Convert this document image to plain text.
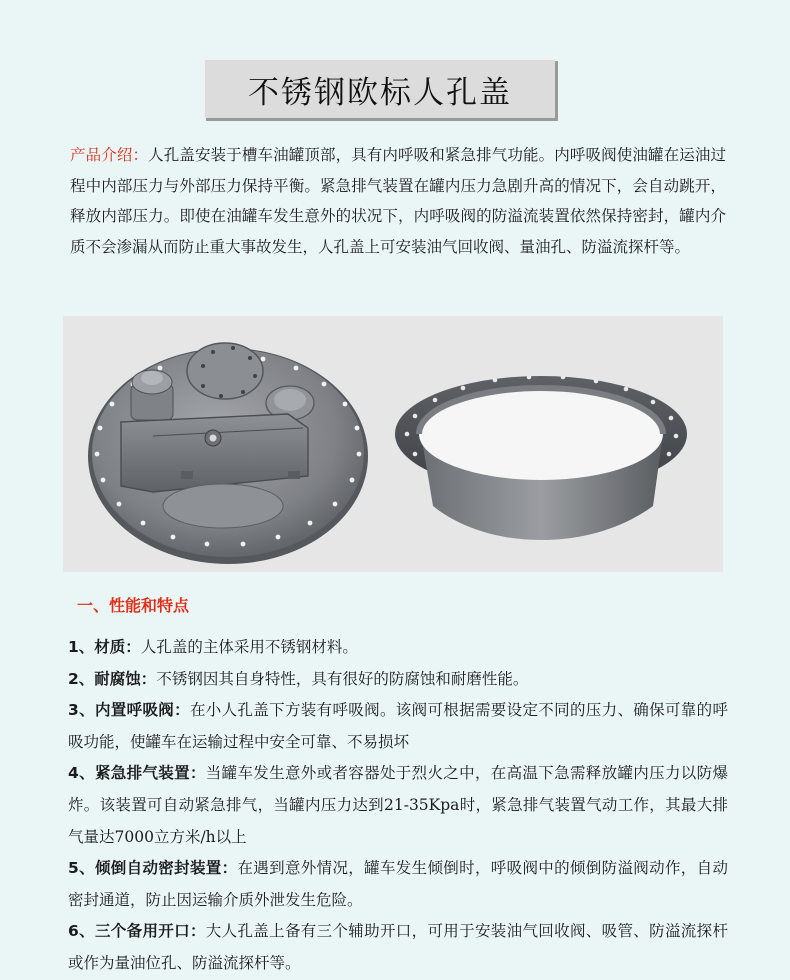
不锈钢欧标人孔盖
产品介绍：人孔盖安装于槽车油罐顶部，具有内呼吸和紧急排气功能。内呼吸阀使油罐在运油过程中内部压力与外部压力保持平衡。紧急排气装置在罐内压力急剧升高的情况下，会自动跳开，释放内部压力。即使在油罐车发生意外的状况下，内呼吸阀的防溢流装置依然保持密封，罐内介质不会渗漏从而防止重大事故发生，人孔盖上可安装油气回收阀、量油孔、防溢流探杆等。
一、性能和特点

1、材质：人孔盖的主体采用不锈钢材料。

2、耐腐蚀：不锈钢因其自身特性，具有很好的防腐蚀和耐磨性能。

3、内置呼吸阀：在小人孔盖下方装有呼吸阀。该阀可根据需要设定不同的压力、确保可靠的呼吸功能，使罐车在运输过程中安全可靠、不易损坏

4、紧急排气装置：当罐车发生意外或者容器处于烈火之中，在高温下急需释放罐内压力以防爆炸。该装置可自动紧急排气，当罐内压力达到21-35Kpa时，紧急排气装置气动工作，其最大排气量达7000立方米/h以上

5、倾倒自动密封装置：在遇到意外情况，罐车发生倾倒时，呼吸阀中的倾倒防溢阀动作，自动密封通道，防止因运输介质外泄发生危险。

6、三个备用开口：大人孔盖上备有三个辅助开口，可用于安装油气回收阀、吸管、防溢流探杆或作为量油位孔、防溢流探杆等。
